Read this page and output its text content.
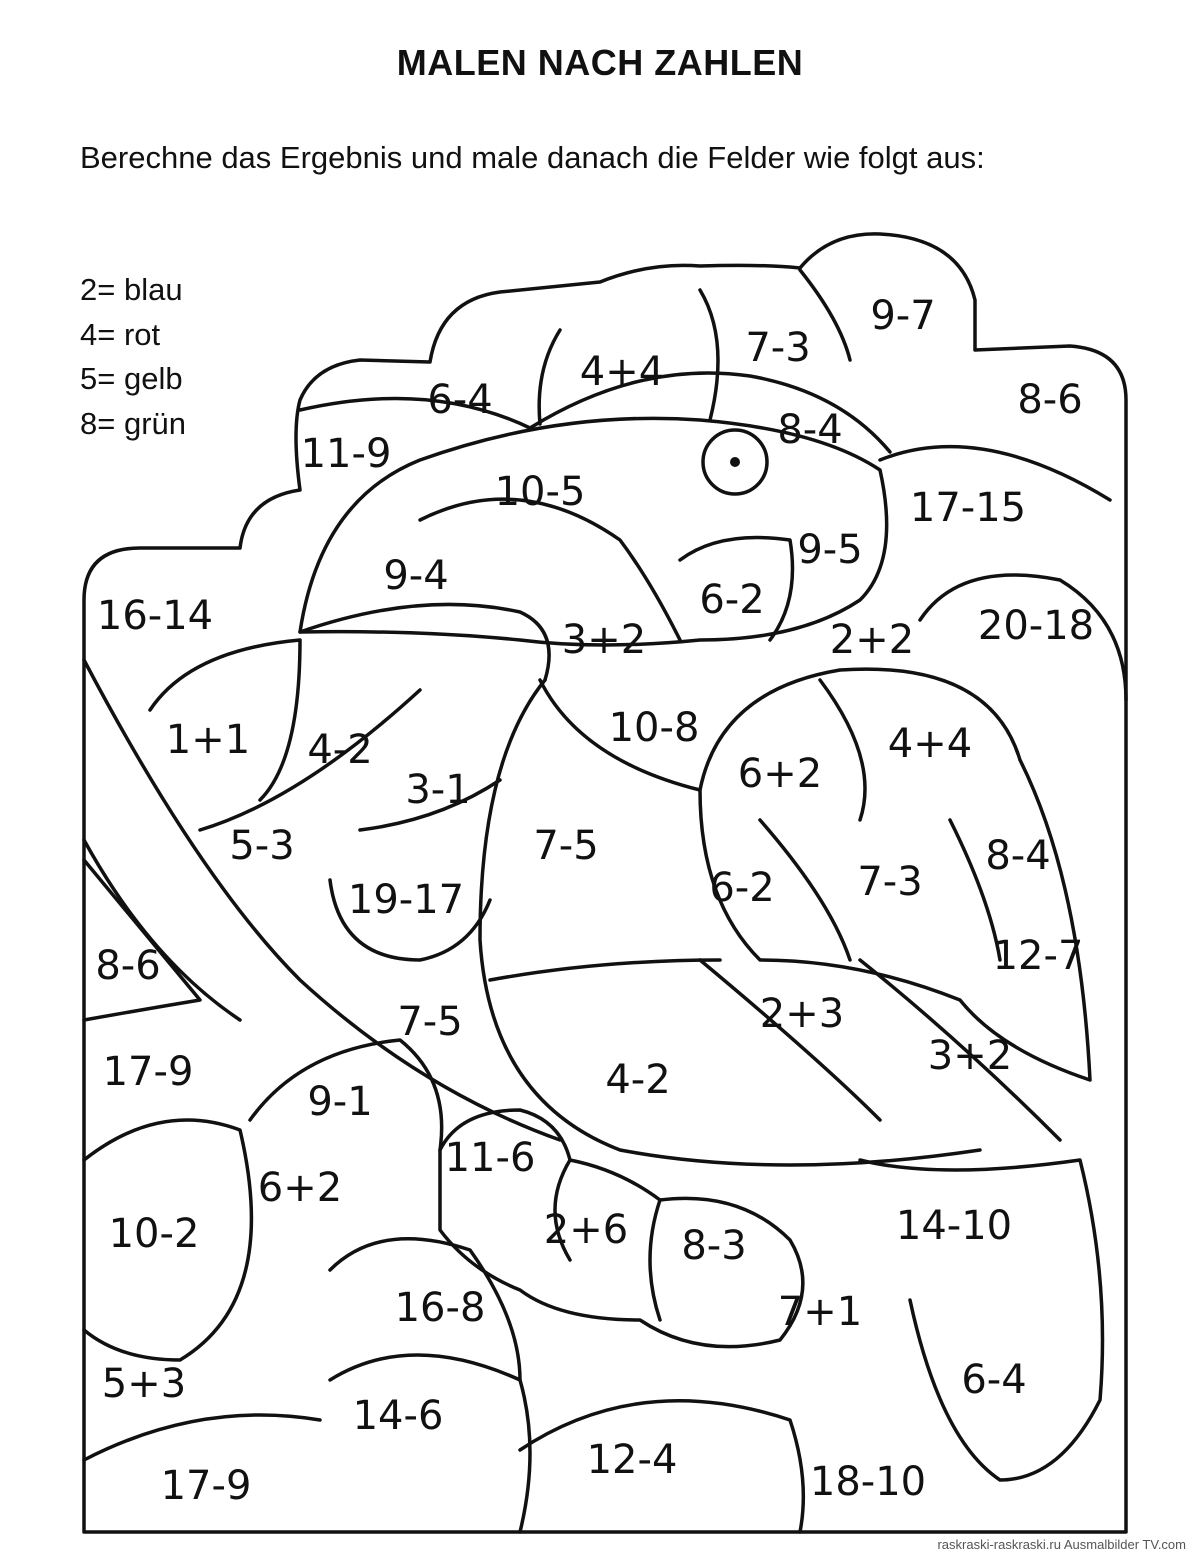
MALEN NACH ZAHLEN

Berechne das Ergebnis und male danach die Felder wie folgt aus:

2= blau
4= rot
5= gelb
8= grün
9-7
7-3
4+4
6-4	8-6
11-9
8-4
10-5	17-15
9-5
9-4
6-2
16-14	20-18
3+2	2+2
10-8
1+1	4+4
4-2
6+2
3-1
7-5
5-3	8-4
7-3
6-2
19-17
12-7
8-6
7-5	2+3
17-9	3+2
4-2
9-1
11-6
6+2
10-2	2+6	14-10
8-3
16-8	7+1
5+3	6-4
14-6
12-4
17-9	18-10

raskraski-raskraski.ru Ausmalbilder TV.com
